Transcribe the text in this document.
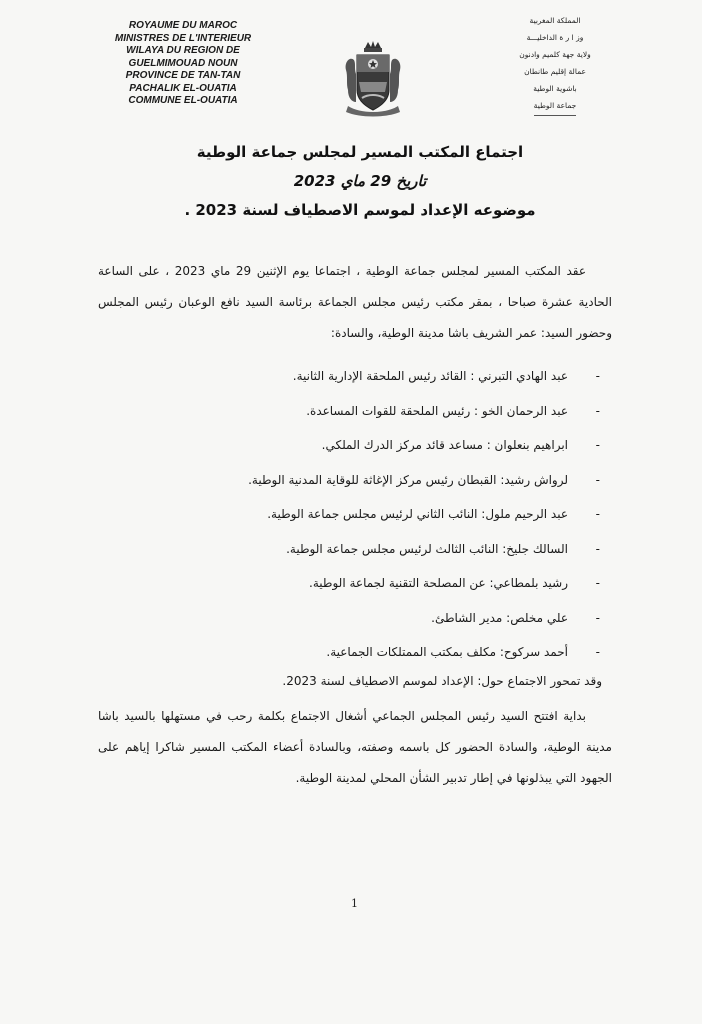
ROYAUME DU MAROC
MINISTRES DE L'INTERIEUR
WILAYA DU REGION DE
GUELMIMOUAD NOUN
PROVINCE DE TAN-TAN
PACHALIK EL-OUATIA
COMMUNE EL-OUATIA
المملكة المغربية
وز ا ر ة الداخليـــة
ولاية جهة كلميم وادنون
عمالة إقليم طانطان
باشوية الوطية
جماعة الوطية
اجتماع المكتب المسير لمجلس جماعة الوطية
تاريخ 29 ماي 2023
موضوعه الإعداد لموسم الاصطياف لسنة 2023 .
عقد المكتب المسير لمجلس جماعة الوطية ، اجتماعا يوم الإثنين 29 ماي 2023 ، على الساعة الحادية عشرة صباحا ، بمقر مكتب رئيس مجلس الجماعة برئاسة السيد نافع الوعبان رئيس المجلس وحضور السيد: عمر الشريف باشا مدينة الوطية، والسادة:
-
عبد الهادي التبرني : القائد رئيس الملحقة الإدارية الثانية.
-
عبد الرحمان الخو : رئيس الملحقة للقوات المساعدة.
-
ابراهيم بنعلوان : مساعد قائد مركز الدرك الملكي.
-
لرواش رشيد: القبطان رئيس مركز الإغاثة للوقاية المدنية الوطية.
-
عبد الرحيم ملول: النائب الثاني لرئيس مجلس جماعة الوطية.
-
السالك جليخ: النائب الثالث لرئيس مجلس جماعة الوطية.
-
رشيد بلمطاعي: عن المصلحة التقنية لجماعة الوطية.
-
علي مخلص: مدير الشاطئ.
-
أحمد سركوح: مكلف بمكتب الممتلكات الجماعية.
وقد تمحور الاجتماع حول: الإعداد لموسم الاصطياف لسنة 2023.
بداية افتتح السيد رئيس المجلس الجماعي أشغال الاجتماع بكلمة رحب في مستهلها بالسيد باشا مدينة الوطية، والسادة الحضور كل باسمه وصفته، وبالسادة أعضاء المكتب المسير شاكرا إياهم على الجهود التي يبذلونها في إطار تدبير الشأن المحلي لمدينة الوطية.
1
